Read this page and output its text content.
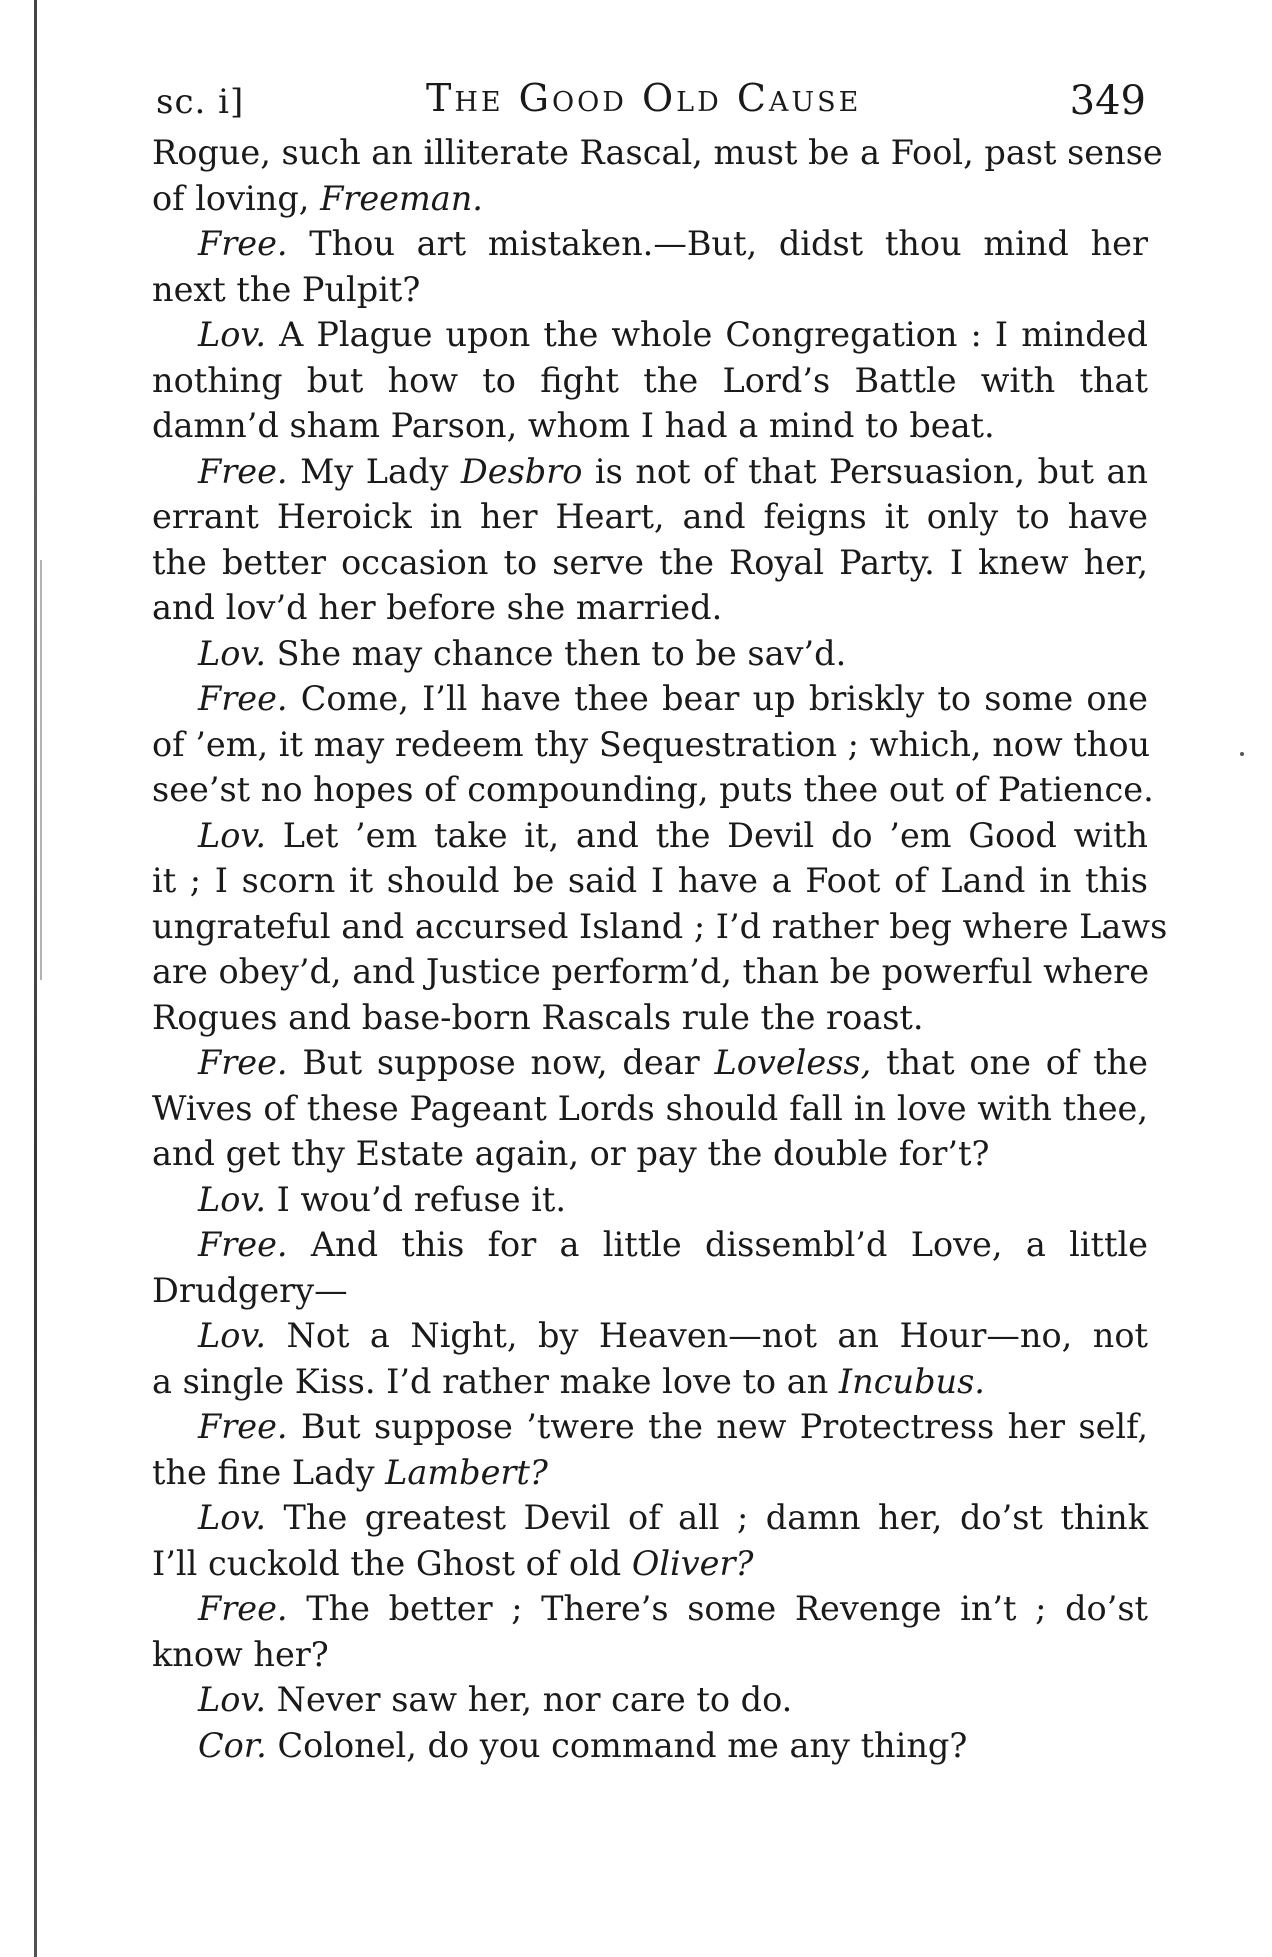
sc. i]	The Good Old Cause	349
Rogue, such an illiterate Rascal, must be a Fool, past sense
of loving, Freeman.
Free. Thou art mistaken.—But, didst thou mind her
next the Pulpit?
Lov. A Plague upon the whole Congregation : I minded
nothing but how to fight the Lord’s Battle with that
damn’d sham Parson, whom I had a mind to beat.
Free. My Lady Desbro is not of that Persuasion, but an
errant Heroick in her Heart, and feigns it only to have
the better occasion to serve the Royal Party. I knew her,
and lov’d her before she married.
Lov. She may chance then to be sav’d.
Free. Come, I’ll have thee bear up briskly to some one
of ’em, it may redeem thy Sequestration ; which, now thou
see’st no hopes of compounding, puts thee out of Patience.
Lov. Let ’em take it, and the Devil do ’em Good with
it ; I scorn it should be said I have a Foot of Land in this
ungrateful and accursed Island ; I’d rather beg where Laws
are obey’d, and Justice perform’d, than be powerful where
Rogues and base-born Rascals rule the roast.
Free. But suppose now, dear Loveless, that one of the
Wives of these Pageant Lords should fall in love with thee,
and get thy Estate again, or pay the double for’t?
Lov. I wou’d refuse it.
Free. And this for a little dissembl’d Love, a little
Drudgery—
Lov. Not a Night, by Heaven—not an Hour—no, not
a single Kiss. I’d rather make love to an Incubus.
Free. But suppose ’twere the new Protectress her self,
the fine Lady Lambert?
Lov. The greatest Devil of all ; damn her, do’st think
I’ll cuckold the Ghost of old Oliver?
Free. The better ; There’s some Revenge in’t ; do’st
know her?
Lov. Never saw her, nor care to do.
Cor. Colonel, do you command me any thing?
